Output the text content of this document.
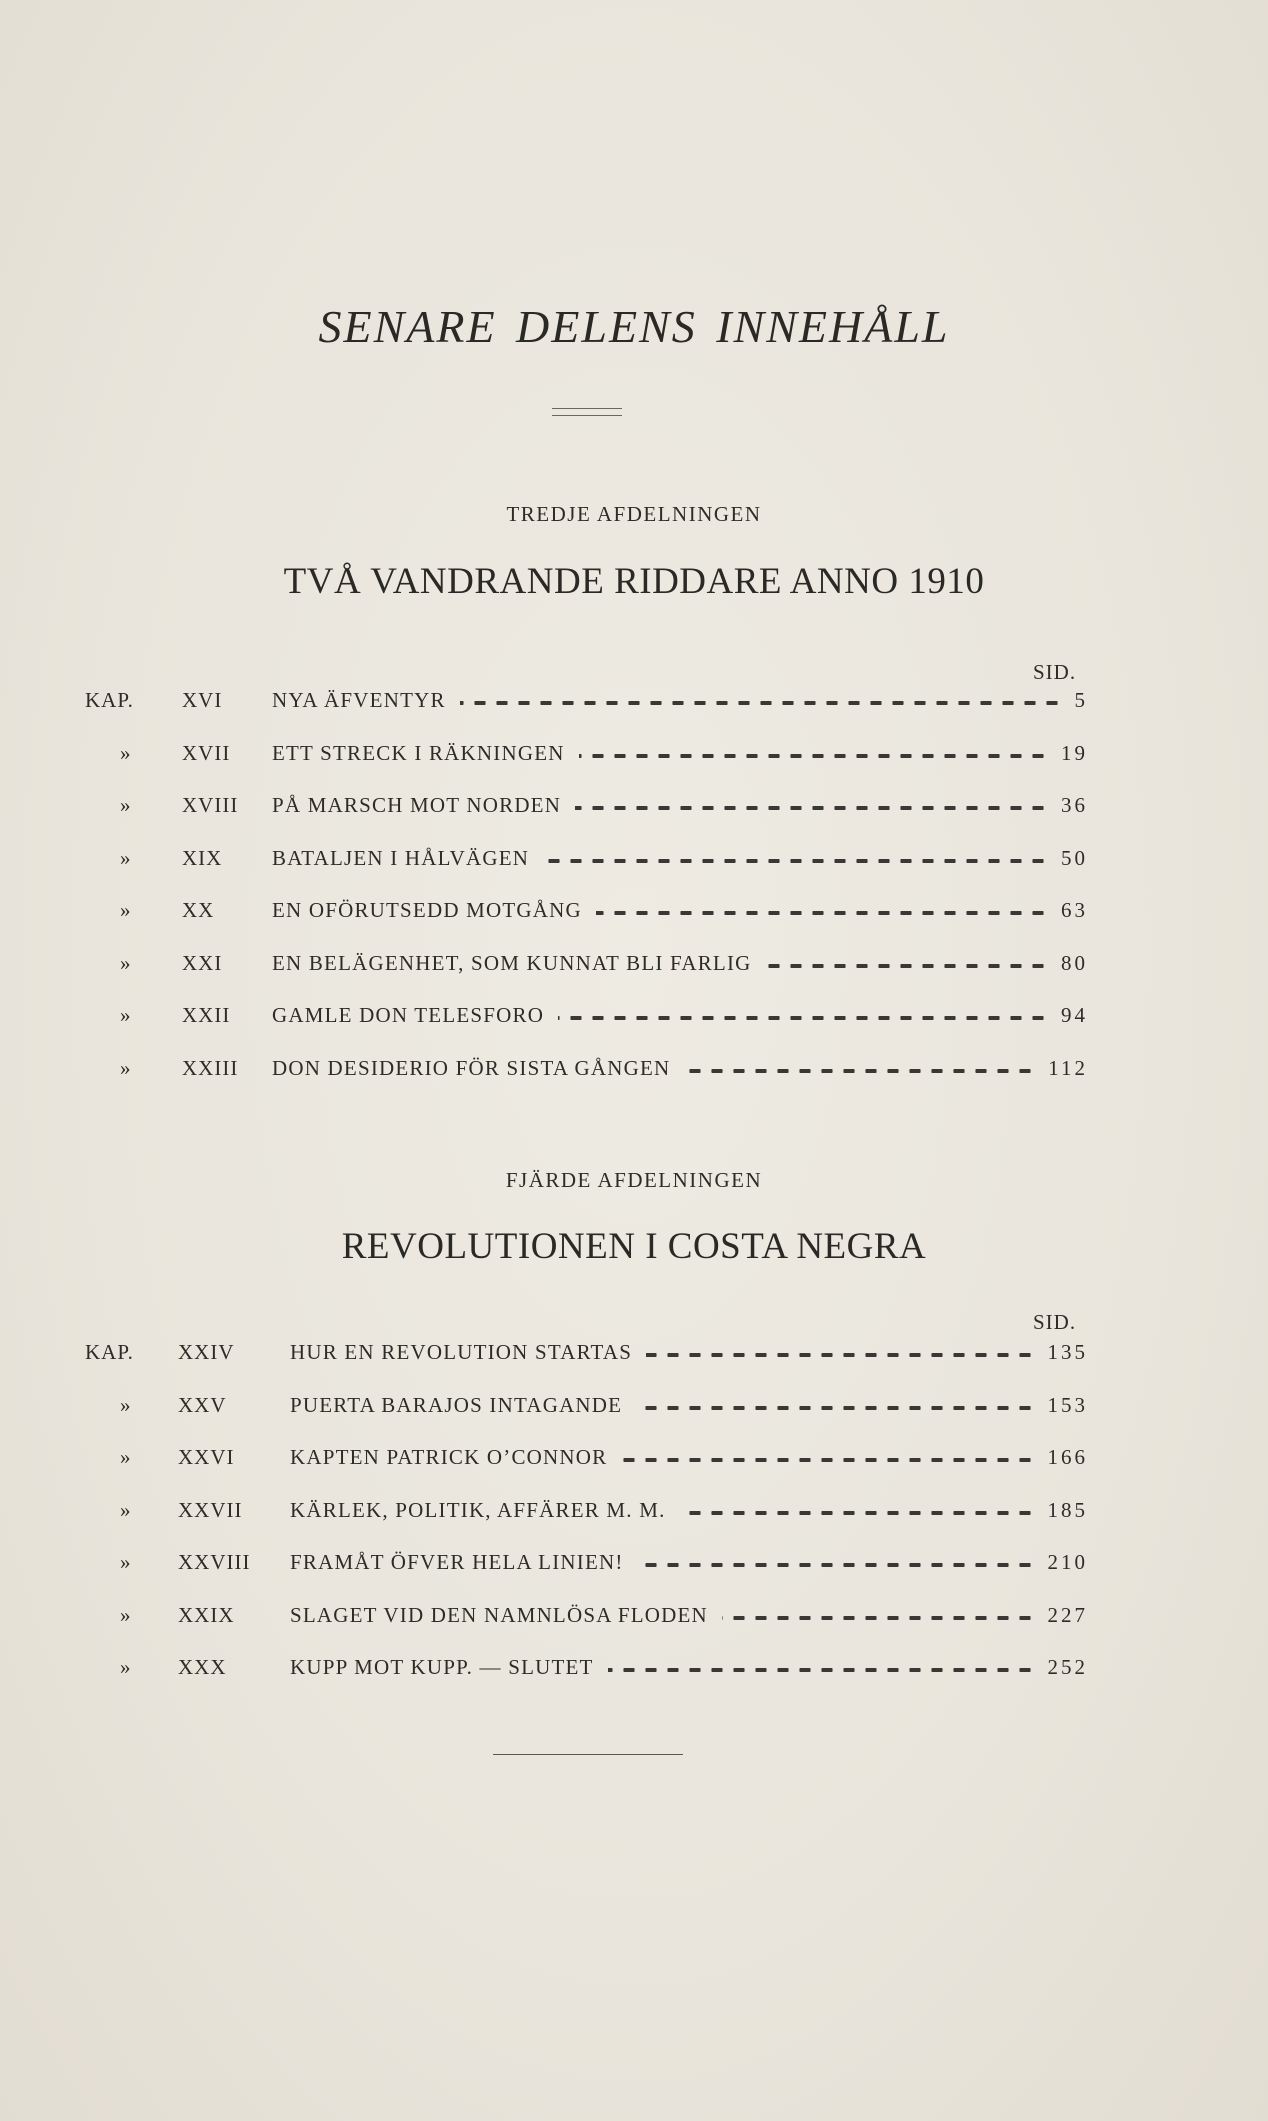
SENARE DELENS INNEHÅLL
TREDJE AFDELNINGEN
TVÅ VANDRANDE RIDDARE ANNO 1910
SID.
KAP. XVI NYA ÄFVENTYR	5
» XVII ETT STRECK I RÄKNINGEN	19
» XVIII PÅ MARSCH MOT NORDEN	36
» XIX BATALJEN I HÅLVÄGEN	50
» XX	EN OFÖRUTSEDD MOTGÅNG	63
» XXI EN BELÄGENHET, SOM KUNNAT BLI FARLIG	80
» XXII GAMLE DON TELESFORO	94
» XXIII DON DESIDERIO FÖR SISTA GÅNGEN	112
FJÄRDE AFDELNINGEN
REVOLUTIONEN I COSTA NEGRA
SID.
KAP. XXIV	HUR EN REVOLUTION STARTAS	135
» XXV	PUERTA BARAJOS INTAGANDE	153
» XXVI	KAPTEN PATRICK O’CONNOR	166
» XXVII KÄRLEK, POLITIK, AFFÄRER M. M.	185
» XXVIII FRAMÅT ÖFVER HELA LINIEN!	210
» XXIX	SLAGET VID DEN NAMNLÖSA FLODEN	227
» XXX	KUPP MOT KUPP. — SLUTET	252
